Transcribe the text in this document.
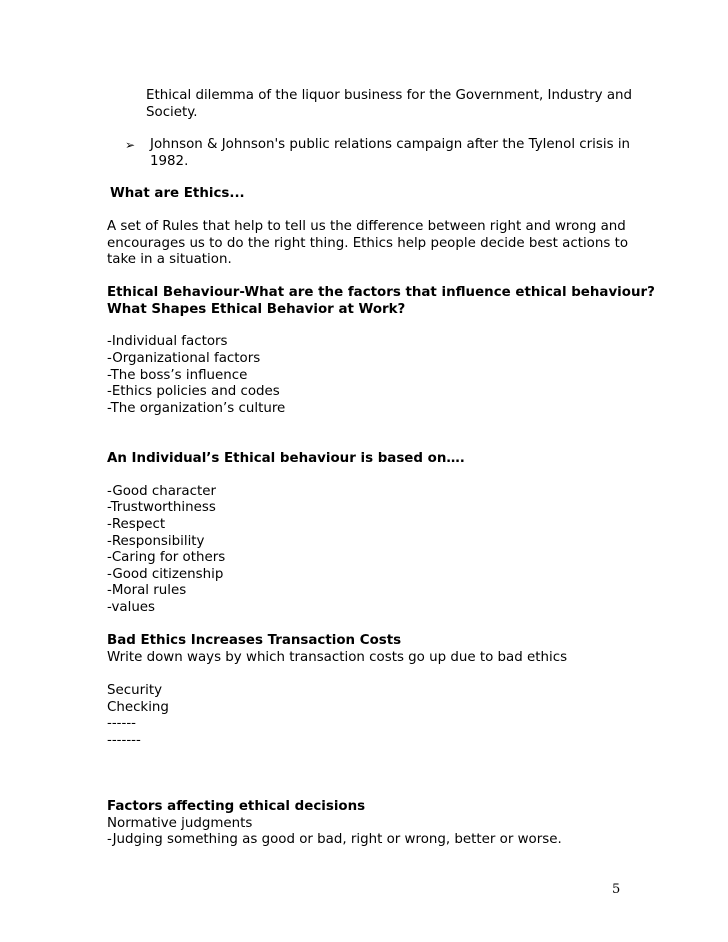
Ethical dilemma of the liquor business for the Government, Industry and

Society.

➢ Johnson & Johnson's public relations campaign after the Tylenol crisis in

1982.

What are Ethics...

A set of Rules that help to tell us the difference between right and wrong and

encourages us to do the right thing. Ethics help people decide best actions to

take in a situation.

Ethical Behaviour-What are the factors that influence ethical behaviour?

What Shapes Ethical Behavior at Work?

-Individual factors

-Organizational factors

-The boss’s influence

-Ethics policies and codes

-The organization’s culture

An Individual’s Ethical behaviour is based on….

-Good character

-Trustworthiness

-Respect

-Responsibility

-Caring for others

-Good citizenship

-Moral rules

-values

Bad Ethics Increases Transaction Costs

Write down ways by which transaction costs go up due to bad ethics

Security

Checking

------

-------

Factors affecting ethical decisions

Normative judgments

-Judging something as good or bad, right or wrong, better or worse.

5
